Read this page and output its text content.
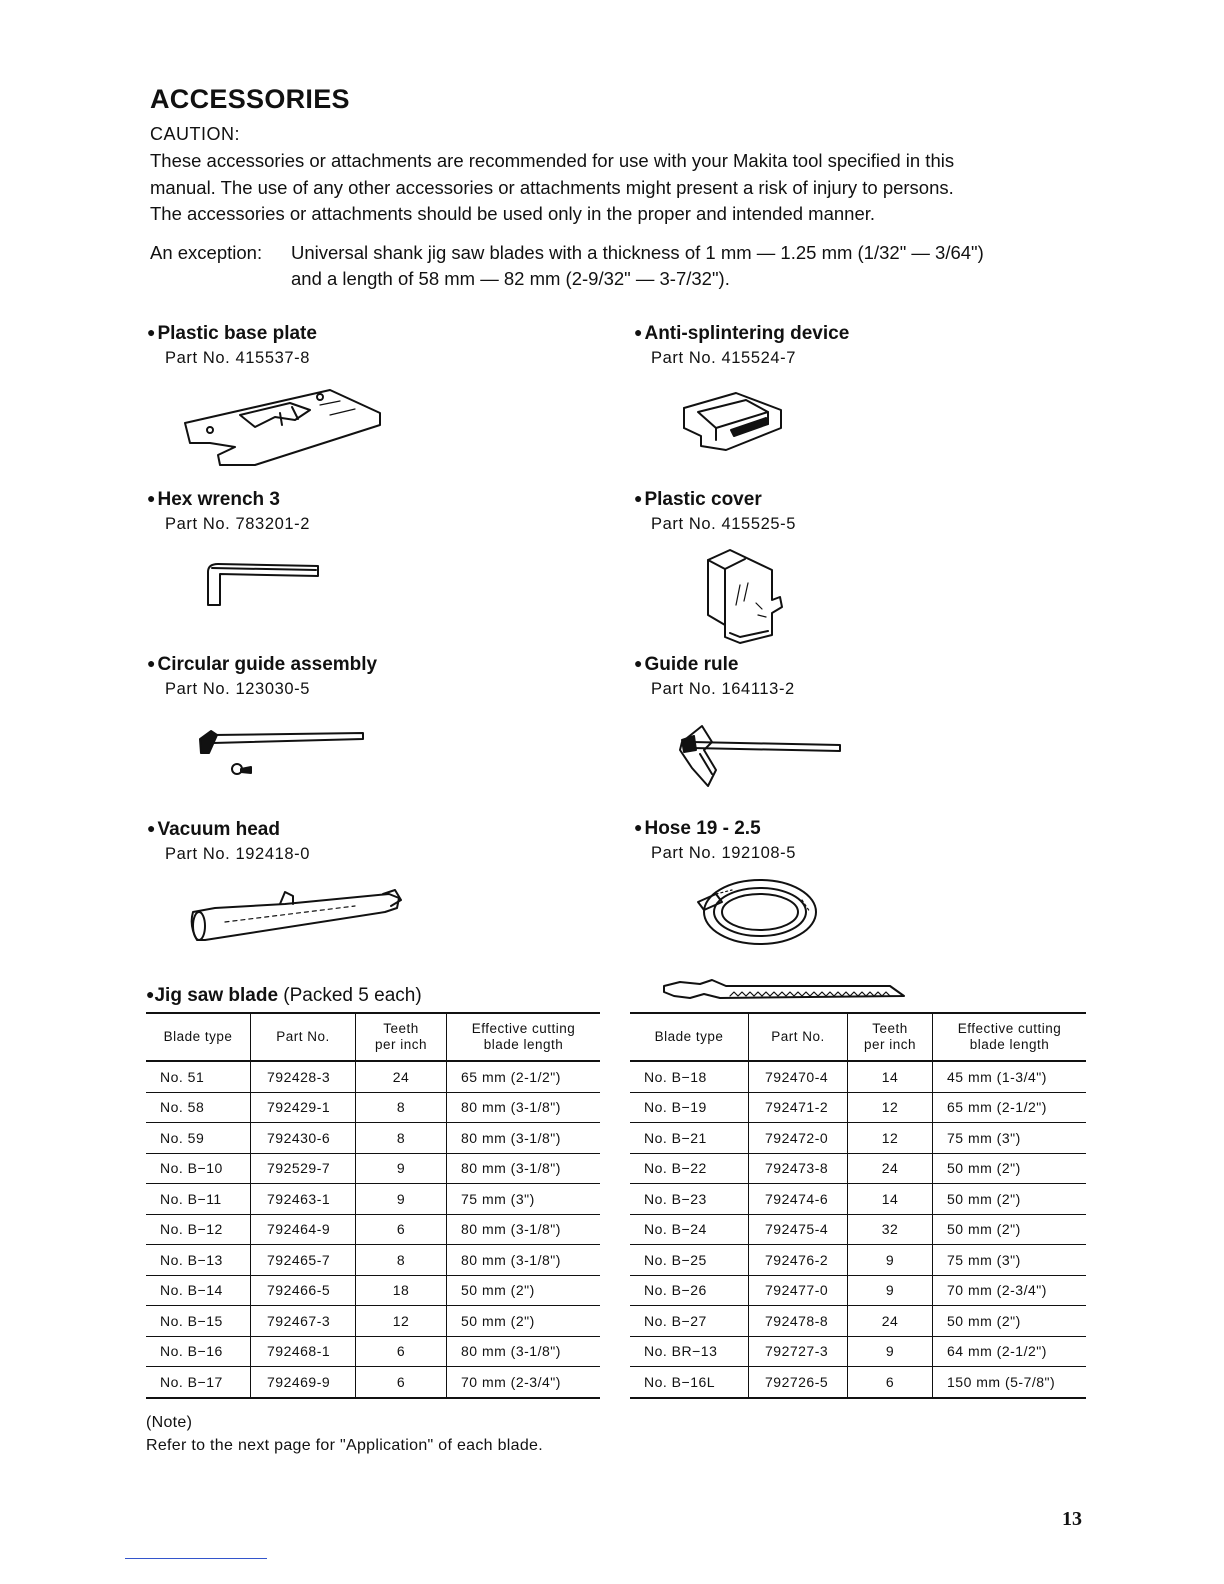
ACCESSORIES
CAUTION:
These accessories or attachments are recommended for use with your Makita tool specified in this
manual. The use of any other accessories or attachments might present a risk of injury to persons.
The accessories or attachments should be used only in the proper and intended manner.
An exception: Universal shank jig saw blades with a thickness of 1 mm — 1.25 mm (1/32" — 3/64")
and a length of 58 mm — 82 mm (2-9/32" — 3-7/32").
● Plastic base plate
Part No. 415537-8
● Anti-splintering device
Part No. 415524-7
● Hex wrench 3
Part No. 783201-2
● Plastic cover
Part No. 415525-5
● Circular guide assembly
Part No. 123030-5
● Guide rule
Part No. 164113-2
● Vacuum head
Part No. 192418-0
● Hose 19 - 2.5
Part No. 192108-5
●Jig saw blade (Packed 5 each)
Blade type	Part No.	Teeth
per inch	Effective cutting
blade length
No. 51	792428-3	24	65 mm (2-1/2")
No. 58	792429-1	8	80 mm (3-1/8")
No. 59	792430-6	8	80 mm (3-1/8")
No. B−10	792529-7	9	80 mm (3-1/8")
No. B−11	792463-1	9	75 mm (3")
No. B−12	792464-9	6	80 mm (3-1/8")
No. B−13	792465-7	8	80 mm (3-1/8")
No. B−14	792466-5	18	50 mm (2")
No. B−15	792467-3	12	50 mm (2")
No. B−16	792468-1	6	80 mm (3-1/8")
No. B−17	792469-9	6	70 mm (2-3/4")
Blade type	Part No.	Teeth
per inch	Effective cutting
blade length
No. B−18	792470-4	14	45 mm (1-3/4")
No. B−19	792471-2	12	65 mm (2-1/2")
No. B−21	792472-0	12	75 mm (3")
No. B−22	792473-8	24	50 mm (2")
No. B−23	792474-6	14	50 mm (2")
No. B−24	792475-4	32	50 mm (2")
No. B−25	792476-2	9	75 mm (3")
No. B−26	792477-0	9	70 mm (2-3/4")
No. B−27	792478-8	24	50 mm (2")
No. BR−13	792727-3	9	64 mm (2-1/2")
No. B−16L	792726-5	6	150 mm (5-7/8")
(Note)
Refer to the next page for "Application" of each blade.
13
